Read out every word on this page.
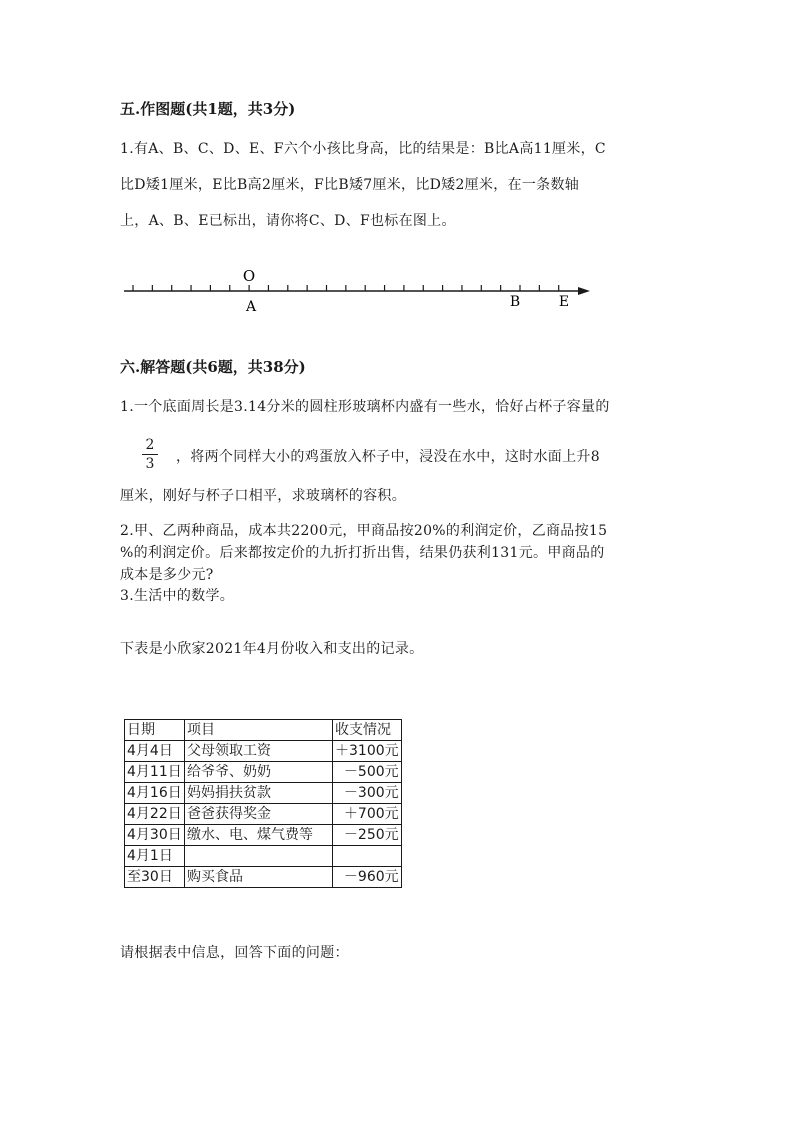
五.作图题(共1题，共3分)
1.有A、B、C、D、E、F六个小孩比身高，比的结果是：B比A高11厘米，C
比D矮1厘米，E比B高2厘米，F比B矮7厘米，比D矮2厘米，在一条数轴
上，A、B、E已标出，请你将C、D、F也标在图上。
O
A	B	E
六.解答题(共6题，共38分)
1.一个底面周长是3.14分米的圆柱形玻璃杯内盛有一些水，恰好占杯子容量的
2
3 ，将两个同样大小的鸡蛋放入杯子中，浸没在水中，这时水面上升8
厘米，刚好与杯子口相平，求玻璃杯的容积。
2.甲、乙两种商品，成本共2200元，甲商品按20%的利润定价，乙商品按15
%的利润定价。后来都按定价的九折打折出售，结果仍获利131元。甲商品的
成本是多少元?
3.生活中的数学。
下表是小欣家2021年4月份收入和支出的记录。
日期	项目	收支情况
4月4日	父母领取工资	＋3100元
4月11日	给爷爷、奶奶	－500元
4月16日	妈妈捐扶贫款	－300元
4月22日	爸爸获得奖金	＋700元
4月30日	缴水、电、煤气费等	－250元
4月1日		
至30日	购买食品	－960元
请根据表中信息，回答下面的问题：
